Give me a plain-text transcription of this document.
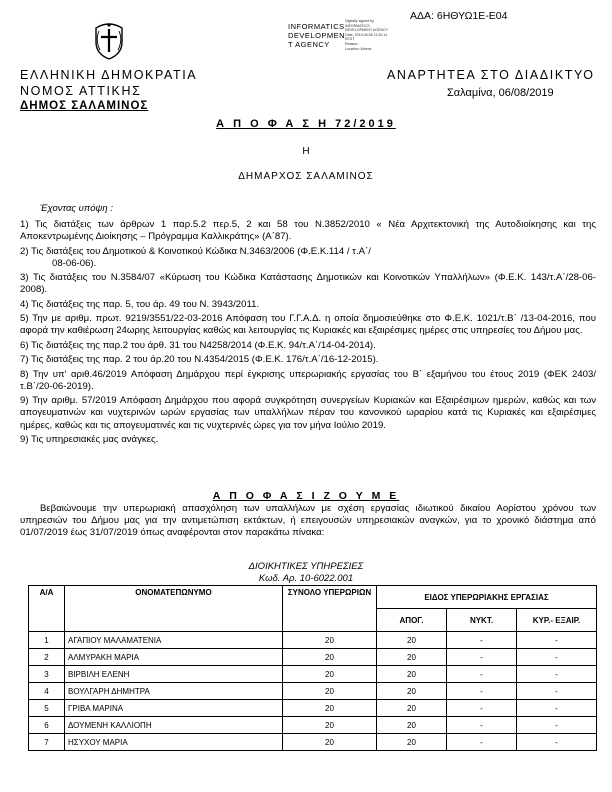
ΑΔΑ: 6ΗΘΥΩ1Ε-Ε04
INFORMATICS
DEVELOPMEN
T AGENCY
Digitally signed by
INFORMATICS
DEVELOPMENT AGENCY
Date: 2019.08.06 11:32:14
EEST
Reason:
Location: Athens
ΕΛΛΗΝΙΚΗ ΔΗΜΟΚΡΑΤΙΑ
ΝΟΜΟΣ ΑΤΤΙΚΗΣ
ΔΗΜΟΣ ΣΑΛΑΜΙΝΟΣ
ΑΝΑΡΤΗΤΕΑ ΣΤΟ ΔΙΑΔΙΚΤΥΟ
Σαλαμίνα, 06/08/2019
Α Π Ο Φ Α Σ Η 72/2019
Η
ΔΗΜΑΡΧΟΣ ΣΑΛΑΜΙΝΟΣ
Έχοντας υπόψη :

1) Τις διατάξεις των άρθρων 1 παρ.5.2 περ.5, 2 και 58 του Ν.3852/2010 « Νέα Αρχιτεκτονική της Αυτοδιοίκησης και της Αποκεντρωμένης Διοίκησης – Πρόγραμμα Καλλικράτης» (Α΄87).

2) Τις διατάξεις του Δημοτικού & Κοινοτικού Κώδικα Ν.3463/2006 (Φ.Ε.Κ.114 / τ.Α΄/

08-06-06).

3) Τις διατάξεις του Ν.3584/07 «Κύρωση του Κώδικα Κατάστασης Δημοτικών και Κοινοτικών Υπαλλήλων» (Φ.Ε.Κ. 143/τ.Α΄/28-06-2008).

4) Τις διατάξεις της παρ. 5, του άρ. 49 του Ν. 3943/2011.

5) Την με αριθμ. πρωτ. 9219/3551/22-03-2016 Απόφαση του Γ.Γ.Α.Δ. η οποία δημοσιεύθηκε στο Φ.Ε.Κ. 1021/τ.Β΄ /13-04-2016, που αφορά την καθιέρωση 24ωρης λειτουργίας καθώς και λειτουργίας τις Κυριακές και εξαιρέσιμες ημέρες στις υπηρεσίες του Δήμου μας.

6) Τις διατάξεις της παρ.2 του άρθ. 31 του Ν4258/2014 (Φ.Ε.Κ. 94/τ.Α΄/14-04-2014).

7) Τις διατάξεις της παρ. 2 του άρ.20 του Ν.4354/2015 (Φ.Ε.Κ. 176/τ.Α΄/16-12-2015).

8) Την υπ' αριθ.46/2019 Απόφαση Δημάρχου περί έγκρισης υπερωριακής εργασίας του Β΄ εξαμήνου του έτους 2019 (ΦΕΚ 2403/τ.Β΄/20-06-2019).

9) Την αριθμ. 57/2019 Απόφαση Δημάρχου που αφορά συγκρότηση συνεργείων Κυριακών και Εξαιρέσιμων ημερών, καθώς και των απογευματινών και νυχτερινών ωρών εργασίας των υπαλλήλων πέραν του κανονικού ωραρίου κατά τις Κυριακές και εξαιρέσιμες ημέρες, καθώς και τις απογευματινές και τις νυχτερινές ώρες για τον μήνα Ιούλιο 2019.

9) Τις υπηρεσιακές μας ανάγκες.

Α Π Ο Φ Α Σ Ι Ζ Ο Υ Μ Ε
Βεβαιώνουμε την υπερωριακή απασχόληση των υπαλλήλων με σχέση εργασίας ιδιωτικού δικαίου Αορίστου χρόνου των υπηρεσιών του Δήμου μας για την αντιμετώπιση εκτάκτων, ή επειγουσών υπηρεσιακών αναγκών, για το χρονικό διάστημα από 01/07/2019 έως 31/07/2019 όπως αναφέρονται στον παρακάτω πίνακα:
ΔΙΟΙΚΗΤΙΚΕΣ ΥΠΗΡΕΣΙΕΣ
Κωδ. Αρ. 10-6022.001
Α/Α	ΟΝΟΜΑΤΕΠΩΝΥΜΟ	ΣΥΝΟΛΟ ΥΠΕΡΩΡΙΩΝ	ΕΙΔΟΣ ΥΠΕΡΩΡΙΑΚΗΣ ΕΡΓΑΣΙΑΣ		
			ΑΠΟΓ.	ΝΥΚΤ.	ΚΥΡ.- ΕΞΑΙΡ.
1	ΑΓΑΠΙΟΥ ΜΑΛΑΜΑΤΕΝΙΑ	20	20	-	-
2	ΑΛΜΥΡΑΚΗ ΜΑΡΙΑ	20	20	-	-
3	ΒΙΡΒΙΛΗ ΕΛΕΝΗ	20	20	-	-
4	ΒΟΥΛΓΑΡΗ ΔΗΜΗΤΡΑ	20	20	-	-
5	ΓΡΙΒΑ ΜΑΡΙΝΑ	20	20	-	-
6	ΔΟΥΜΕΝΗ ΚΑΛΛΙΟΠΗ	20	20	-	-
7	ΗΣΥΧΟΥ ΜΑΡΙΑ	20	20	-	-
